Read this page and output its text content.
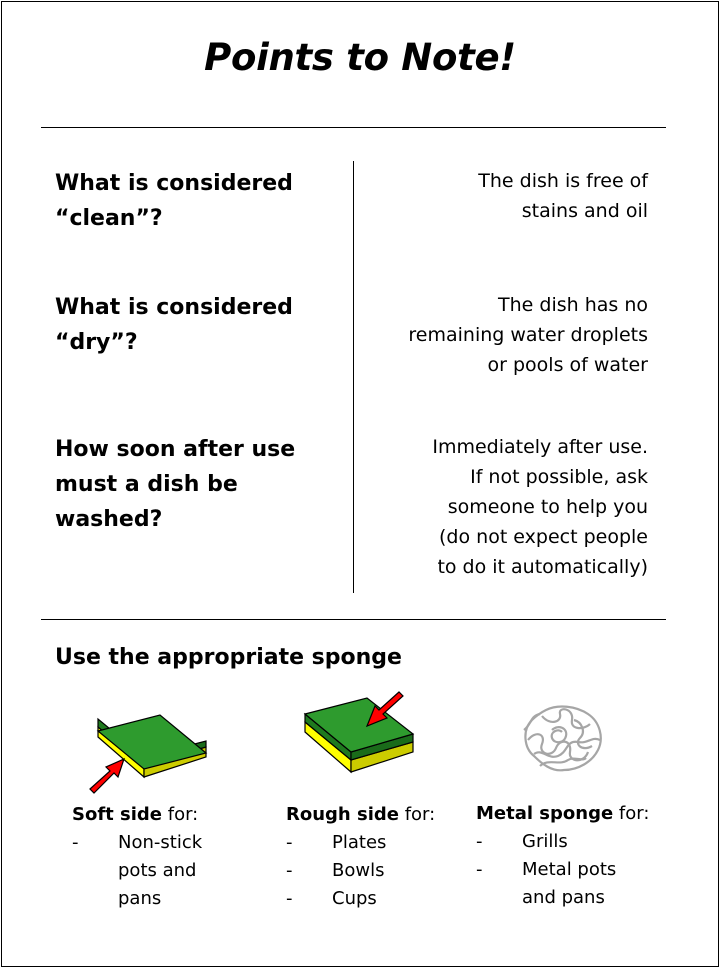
Points to Note!
What is considered
“clean”?
The dish is free of
stains and oil
What is considered
“dry”?
The dish has no
remaining water droplets
or pools of water
How soon after use
must a dish be
washed?
Immediately after use.
If not possible, ask
someone to help you
(do not expect people
to do it automatically)
Use the appropriate sponge
Soft side for:
- Non-stick
pots and
pans
Rough side for:
- Plates
- Bowls
- Cups
Metal sponge for:
- Grills
- Metal pots
and pans
